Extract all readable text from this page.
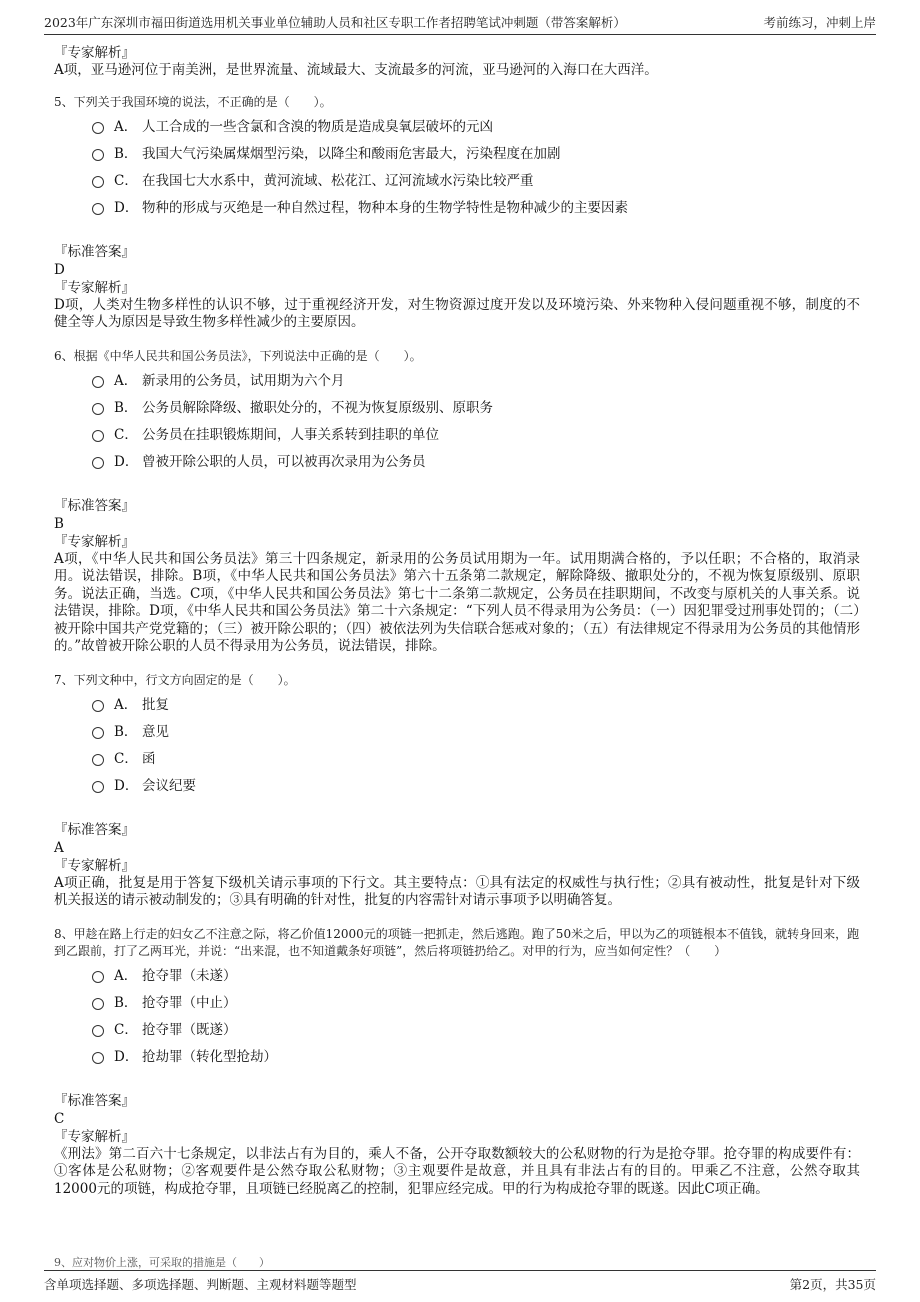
2023年广东深圳市福田街道选用机关事业单位辅助人员和社区专职工作者招聘笔试冲刺题（带答案解析）	考前练习，冲刺上岸
『专家解析』
A项，亚马逊河位于南美洲，是世界流量、流域最大、支流最多的河流，亚马逊河的入海口在大西洋。
5、下列关于我国环境的说法，不正确的是（　　）。
A． 人工合成的一些含氯和含溴的物质是造成臭氧层破坏的元凶
B． 我国大气污染属煤烟型污染，以降尘和酸雨危害最大，污染程度在加剧
C． 在我国七大水系中，黄河流域、松花江、辽河流域水污染比较严重
D． 物种的形成与灭绝是一种自然过程，物种本身的生物学特性是物种减少的主要因素
『标准答案』
D
『专家解析』
D项，人类对生物多样性的认识不够，过于重视经济开发，对生物资源过度开发以及环境污染、外来物种入侵问题重视不够，制度的不健全等人为原因是导致生物多样性减少的主要原因。
6、根据《中华人民共和国公务员法》，下列说法中正确的是（　　）。
A． 新录用的公务员，试用期为六个月
B． 公务员解除降级、撤职处分的，不视为恢复原级别、原职务
C． 公务员在挂职锻炼期间，人事关系转到挂职的单位
D． 曾被开除公职的人员，可以被再次录用为公务员
『标准答案』
B
『专家解析』
A项，《中华人民共和国公务员法》第三十四条规定，新录用的公务员试用期为一年。试用期满合格的，予以任职；不合格的，取消录用。说法错误，排除。B项，《中华人民共和国公务员法》第六十五条第二款规定，解除降级、撤职处分的，不视为恢复原级别、原职务。说法正确，当选。C项，《中华人民共和国公务员法》第七十二条第二款规定，公务员在挂职期间，不改变与原机关的人事关系。说法错误，排除。D项，《中华人民共和国公务员法》第二十六条规定：“下列人员不得录用为公务员：（一）因犯罪受过刑事处罚的；（二）被开除中国共产党党籍的；（三）被开除公职的；（四）被依法列为失信联合惩戒对象的；（五）有法律规定不得录用为公务员的其他情形的。”故曾被开除公职的人员不得录用为公务员，说法错误，排除。
7、下列文种中，行文方向固定的是（　　）。
A． 批复
B． 意见
C． 函
D． 会议纪要
『标准答案』
A
『专家解析』
A项正确，批复是用于答复下级机关请示事项的下行文。其主要特点：①具有法定的权威性与执行性；②具有被动性，批复是针对下级机关报送的请示被动制发的；③具有明确的针对性，批复的内容需针对请示事项予以明确答复。
8、甲趁在路上行走的妇女乙不注意之际，将乙价值12000元的项链一把抓走，然后逃跑。跑了50米之后，甲以为乙的项链根本不值钱，就转身回来，跑到乙跟前，打了乙两耳光，并说：“出来混，也不知道戴条好项链”，然后将项链扔给乙。对甲的行为，应当如何定性？（　　）
A． 抢夺罪（未遂）
B． 抢夺罪（中止）
C． 抢夺罪（既遂）
D． 抢劫罪（转化型抢劫）
『标准答案』
C
『专家解析』
《刑法》第二百六十七条规定，以非法占有为目的，乘人不备，公开夺取数额较大的公私财物的行为是抢夺罪。抢夺罪的构成要件有：①客体是公私财物；②客观要件是公然夺取公私财物；③主观要件是故意，并且具有非法占有的目的。甲乘乙不注意，公然夺取其12000元的项链，构成抢夺罪，且项链已经脱离乙的控制，犯罪应经完成。甲的行为构成抢夺罪的既遂。因此C项正确。
9、应对物价上涨，可采取的措施是（　　）
含单项选择题、多项选择题、判断题、主观材料题等题型	第2页，共35页
